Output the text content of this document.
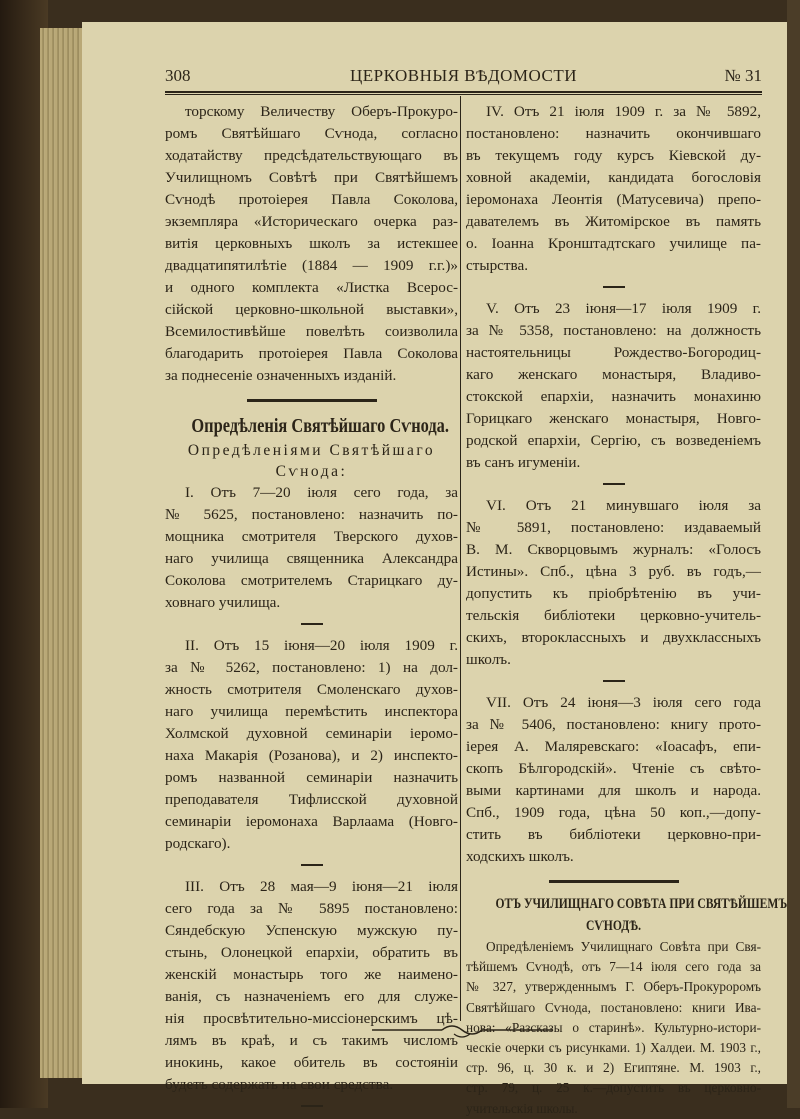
308	ЦЕРКОВНЫЯ ВѢДОМОСТИ	№ 31
торскому Величеству Оберъ-Прокуро-
ромъ Святѣйшаго Сѵнода, согласно
ходатайству предсѣдательствующаго въ
Училищномъ Совѣтѣ при Святѣйшемъ
Сѵнодѣ протоіерея Павла Соколова,
экземпляра «Историческаго очерка раз-
витія церковныхъ школъ за истекшее
двадцатипятилѣтіе (1884 — 1909 г.г.)»
и одного комплекта «Листка Всерос-
сійской церковно-школьной выставки»,
Всемилостивѣйше повелѣть соизволила
благодарить протоіерея Павла Соколова
за поднесеніе означенныхъ изданій.
Опредѣленія Святѣйшаго Сѵнода.
Опредѣленіями Святѣйшаго
Сѵнода:
I. Отъ 7—20 іюля сего года, за
№ 5625, постановлено: назначить по-
мощника смотрителя Тверского духов-
наго училища священника Александра
Соколова смотрителемъ Старицкаго ду-
ховнаго училища.
II. Отъ 15 іюня—20 іюля 1909 г.
за № 5262, постановлено: 1) на дол-
жность смотрителя Смоленскаго духов-
наго училища перемѣстить инспектора
Холмской духовной семинаріи іеромо-
наха Макарія (Розанова), и 2) инспекто-
ромъ названной семинаріи назначить
преподавателя Тифлисской духовной
семинаріи іеромонаха Варлаама (Новго-
родскаго).
III. Отъ 28 мая—9 іюня—21 іюля
сего года за № 5895 постановлено:
Сяндебскую Успенскую мужскую пу-
стынь, Олонецкой епархіи, обратить въ
женскій монастырь того же наимено-
ванія, съ назначеніемъ его для служе-
нія просвѣтительно-миссіонерскимъ цѣ-
лямъ въ краѣ, и съ такимъ числомъ
инокинь, какое обитель въ состояніи
будетъ содержать на свои средства.
IV. Отъ 21 іюля 1909 г. за № 5892,
постановлено: назначить окончившаго
въ текущемъ году курсъ Кіевской ду-
ховной академіи, кандидата богословія
іеромонаха Леонтія (Матусевича) препо-
давателемъ въ Житомірское въ память
о. Іоанна Кронштадтскаго училище па-
стырства.
V. Отъ 23 іюня—17 іюля 1909 г.
за № 5358, постановлено: на должность
настоятельницы Рождество-Богородиц-
каго женскаго монастыря, Владиво-
стокской епархіи, назначить монахиню
Горицкаго женскаго монастыря, Новго-
родской епархіи, Сергію, съ возведеніемъ
въ санъ игуменіи.
VI. Отъ 21 минувшаго іюля за
№ 5891, постановлено: издаваемый
В. М. Скворцовымъ журналъ: «Голосъ
Истины». Спб., цѣна 3 руб. въ годъ,—
допустить къ пріобрѣтенію въ учи-
тельскія библіотеки церковно-учитель-
скихъ, второклассныхъ и двухклассныхъ
школъ.
VII. Отъ 24 іюня—3 іюля сего года
за № 5406, постановлено: книгу прото-
іерея А. Маляревскаго: «Іоасафъ, епи-
скопъ Бѣлгородскій». Чтеніе съ свѣто-
выми картинами для школъ и народа.
Спб., 1909 года, цѣна 50 коп.,—допу-
стить въ библіотеки церковно-при-
ходскихъ школъ.
ОТЪ УЧИЛИЩНАГО СОВѢТА ПРИ СВЯТѢЙШЕМЪ
СѴНОДѢ.
Опредѣленіемъ Училищнаго Совѣта при Свя-
тѣйшемъ Сѵнодѣ, отъ 7—14 іюля сего года за
№ 327, утвержденнымъ Г. Оберъ-Прокуроромъ
Святѣйшаго Сѵнода, постановлено: книги Ива-
нова: «Разсказы о старинѣ». Культурно-истори-
ческіе очерки съ рисунками. 1) Халдеи. М. 1903 г.,
стр. 96, ц. 30 к. и 2) Египтяне. М. 1903 г.,
стр. 79, ц. 25 к.—допустить въ церковно-
учительскія школы.
